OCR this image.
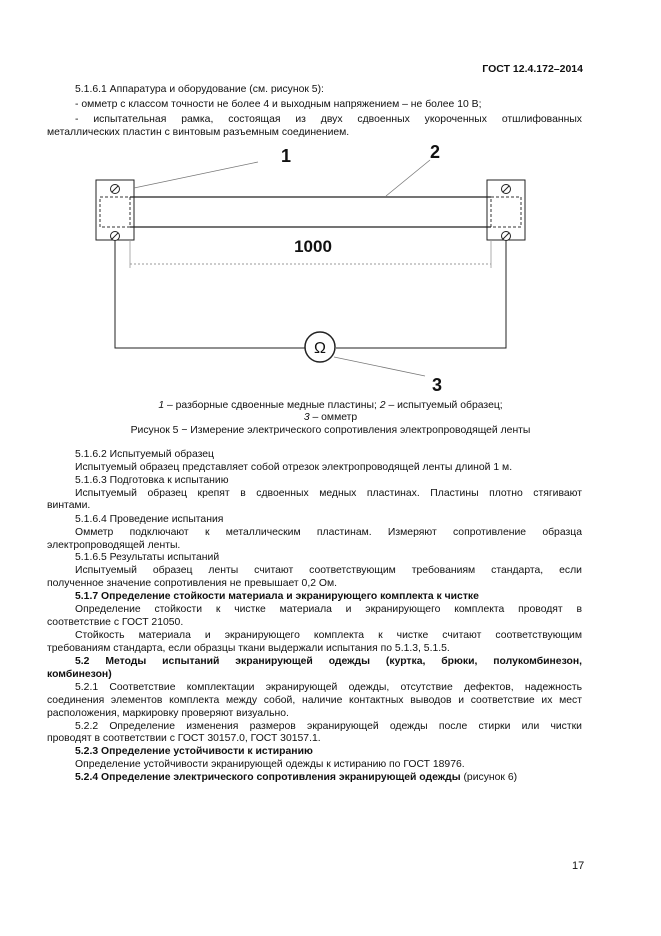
ГОСТ 12.4.172–2014
5.1.6.1 Аппаратура и оборудование (см. рисунок 5):
- омметр с классом точности не более 4 и выходным напряжением – не более 10 В;
- испытательная рамка, состоящая из двух сдвоенных укороченных отшлифованных
металлических пластин с винтовым разъемным соединением.
1000
Ω
1	2
3
1 – разборные сдвоенные медные пластины; 2 – испытуемый образец;
3 – омметр
Рисунок 5 − Измерение электрического сопротивления электропроводящей ленты
5.1.6.2 Испытуемый образец
Испытуемый образец представляет собой отрезок электропроводящей ленты длиной 1 м.
5.1.6.3 Подготовка к испытанию
Испытуемый образец крепят в сдвоенных медных пластинах. Пластины плотно стягивают
винтами.
5.1.6.4 Проведение испытания
Омметр подключают к металлическим пластинам. Измеряют сопротивление образца
электропроводящей ленты.
5.1.6.5 Результаты испытаний
Испытуемый образец ленты считают соответствующим требованиям стандарта, если
полученное значение сопротивления не превышает 0,2 Ом.
5.1.7 Определение стойкости материала и экранирующего комплекта к чистке
Определение стойкости к чистке материала и экранирующего комплекта проводят в
соответствие с ГОСТ 21050.
Стойкость материала и экранирующего комплекта к чистке считают соответствующим
требованиям стандарта, если образцы ткани выдержали испытания по 5.1.3, 5.1.5.
5.2 Методы испытаний экранирующей одежды (куртка, брюки, полукомбинезон,
комбинезон)
5.2.1 Соответствие комплектации экранирующей одежды, отсутствие дефектов, надежность
соединения элементов комплекта между собой, наличие контактных выводов и соответствие их мест
расположения, маркировку проверяют визуально.
5.2.2 Определение изменения размеров экранирующей одежды после стирки или чистки
проводят в соответствии с ГОСТ 30157.0, ГОСТ 30157.1.
5.2.3 Определение устойчивости к истиранию
Определение устойчивости экранирующей одежды к истиранию по ГОСТ 18976.
5.2.4 Определение электрического сопротивления экранирующей одежды (рисунок 6)
17
